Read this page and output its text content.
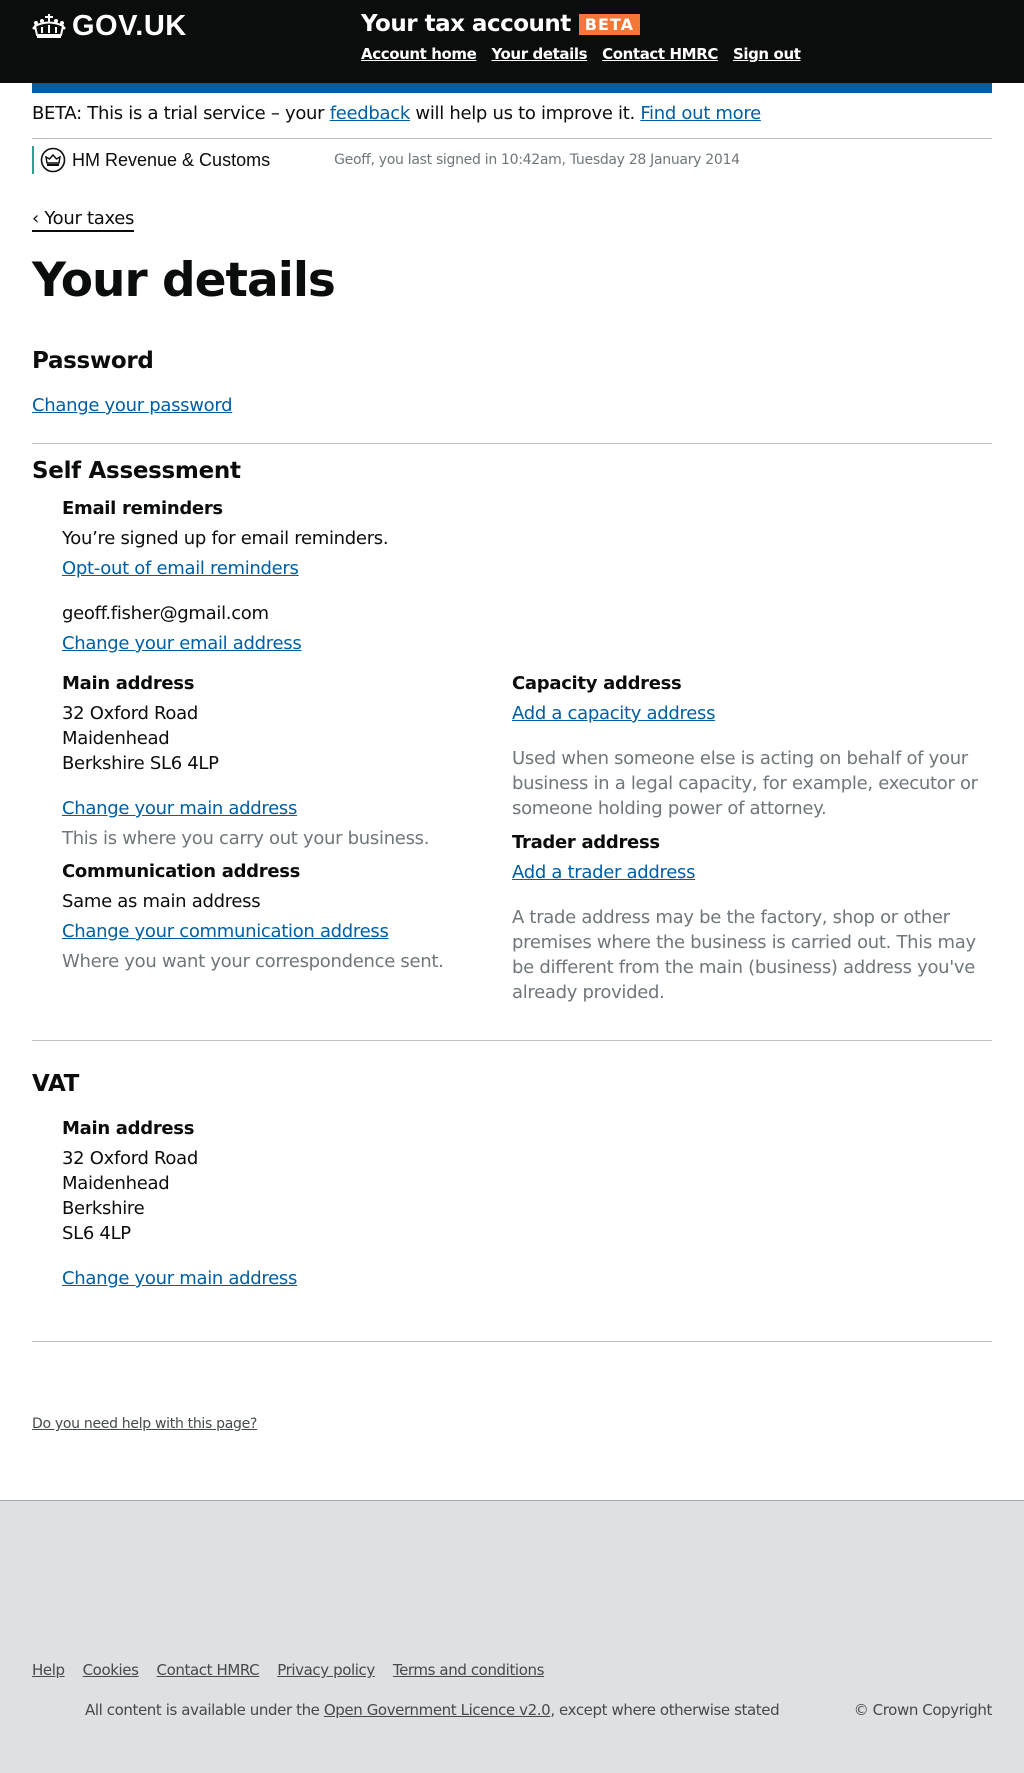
GOV.UK	Your tax account BETA
Account home Your details Contact HMRC Sign out
BETA: This is a trial service – your feedback will help us to improve it. Find out more
HM Revenue & Customs	Geoff, you last signed in 10:42am, Tuesday 28 January 2014
‹ Your taxes
Your details
Password
Change your password
Self Assessment
Email reminders
You’re signed up for email reminders.
Opt-out of email reminders
geoff.fisher@gmail.com
Change your email address
Main address
32 Oxford Road
Maidenhead
Berkshire SL6 4LP
Change your main address
This is where you carry out your business.
Communication address
Same as main address
Change your communication address
Where you want your correspondence sent.
Capacity address
Add a capacity address
Used when someone else is acting on behalf of your
business in a legal capacity, for example, executor or
someone holding power of attorney.
Trader address
Add a trader address
A trade address may be the factory, shop or other
premises where the business is carried out. This may
be different from the main (business) address you've
already provided.
VAT
Main address
32 Oxford Road
Maidenhead
Berkshire
SL6 4LP
Change your main address
Do you need help with this page?
Help Cookies Contact HMRC Privacy policy Terms and conditions
All content is available under the Open Government Licence v2.0, except where otherwise stated	© Crown Copyright
